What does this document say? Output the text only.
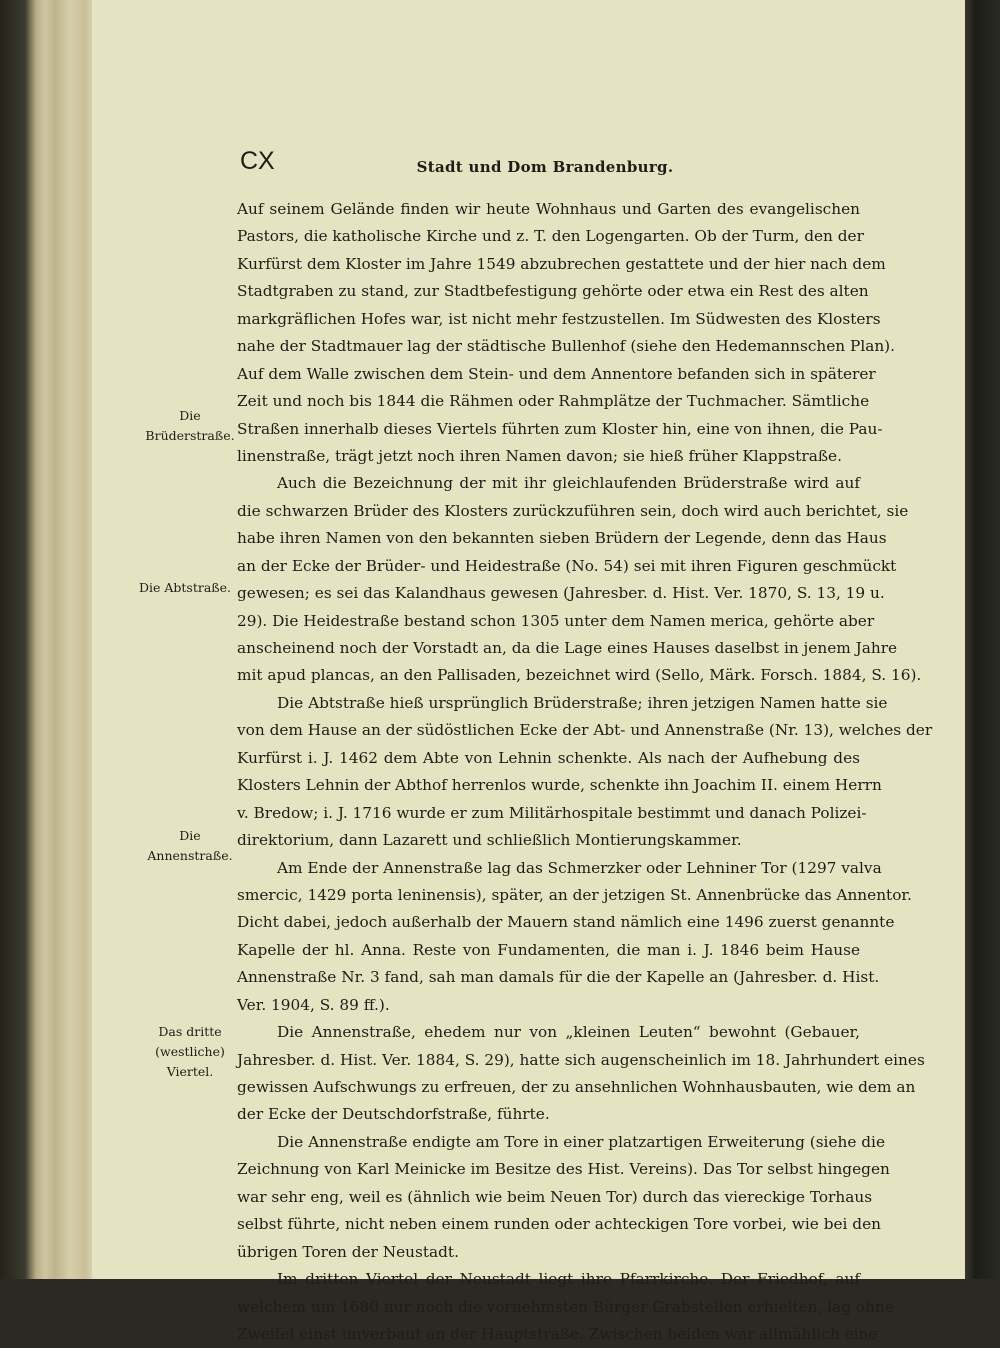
CX	Stadt und Dom Brandenburg.
Auf seinem Gelände finden wir heute Wohnhaus und Garten des evangelischen
Pastors, die katholische Kirche und z. T. den Logengarten. Ob der Turm, den der
Kurfürst dem Kloster im Jahre 1549 abzubrechen gestattete und der hier nach dem
Stadtgraben zu stand, zur Stadtbefestigung gehörte oder etwa ein Rest des alten
markgräflichen Hofes war, ist nicht mehr festzustellen. Im Südwesten des Klosters
nahe der Stadtmauer lag der städtische Bullenhof (siehe den Hedemannschen Plan).
Auf dem Walle zwischen dem Stein- und dem Annentore befanden sich in späterer
Zeit und noch bis 1844 die Rähmen oder Rahmplätze der Tuchmacher. Sämtliche
Straßen innerhalb dieses Viertels führten zum Kloster hin, eine von ihnen, die Pau-
linenstraße, trägt jetzt noch ihren Namen davon; sie hieß früher Klappstraße.
Auch die Bezeichnung der mit ihr gleichlaufenden Brüderstraße wird auf
die schwarzen Brüder des Klosters zurückzuführen sein, doch wird auch berichtet, sie
habe ihren Namen von den bekannten sieben Brüdern der Legende, denn das Haus
an der Ecke der Brüder- und Heidestraße (No. 54) sei mit ihren Figuren geschmückt
gewesen; es sei das Kalandhaus gewesen (Jahresber. d. Hist. Ver. 1870, S. 13, 19 u.
29). Die Heidestraße bestand schon 1305 unter dem Namen merica, gehörte aber
anscheinend noch der Vorstadt an, da die Lage eines Hauses daselbst in jenem Jahre
mit apud plancas, an den Pallisaden, bezeichnet wird (Sello, Märk. Forsch. 1884, S. 16).
Die Abtstraße hieß ursprünglich Brüderstraße; ihren jetzigen Namen hatte sie
von dem Hause an der südöstlichen Ecke der Abt- und Annenstraße (Nr. 13), welches der
Kurfürst i. J. 1462 dem Abte von Lehnin schenkte. Als nach der Aufhebung des
Klosters Lehnin der Abthof herrenlos wurde, schenkte ihn Joachim II. einem Herrn
v. Bredow; i. J. 1716 wurde er zum Militärhospitale bestimmt und danach Polizei-
direktorium, dann Lazarett und schließlich Montierungskammer.
Am Ende der Annenstraße lag das Schmerzker oder Lehniner Tor (1297 valva
smercic, 1429 porta leninensis), später, an der jetzigen St. Annenbrücke das Annentor.
Dicht dabei, jedoch außerhalb der Mauern stand nämlich eine 1496 zuerst genannte
Kapelle der hl. Anna. Reste von Fundamenten, die man i. J. 1846 beim Hause
Annenstraße Nr. 3 fand, sah man damals für die der Kapelle an (Jahresber. d. Hist.
Ver. 1904, S. 89 ff.).
Die Annenstraße, ehedem nur von „kleinen Leuten“ bewohnt (Gebauer,
Jahresber. d. Hist. Ver. 1884, S. 29), hatte sich augenscheinlich im 18. Jahrhundert eines
gewissen Aufschwungs zu erfreuen, der zu ansehnlichen Wohnhausbauten, wie dem an
der Ecke der Deutschdorfstraße, führte.
Die Annenstraße endigte am Tore in einer platzartigen Erweiterung (siehe die
Zeichnung von Karl Meinicke im Besitze des Hist. Vereins). Das Tor selbst hingegen
war sehr eng, weil es (ähnlich wie beim Neuen Tor) durch das viereckige Torhaus
selbst führte, nicht neben einem runden oder achteckigen Tore vorbei, wie bei den
übrigen Toren der Neustadt.
Im dritten Viertel der Neustadt liegt ihre Pfarrkirche. Der Friedhof, auf
welchem um 1680 nur noch die vornehmsten Bürger Grabstellen erhielten, lag ohne
Zweifel einst unverbaut an der Hauptstraße. Zwischen beiden war allmählich eine
Die
Brüderstraße.
Die Abtstraße.
Die
Annenstraße.
Das dritte
(westliche)
Viertel.
